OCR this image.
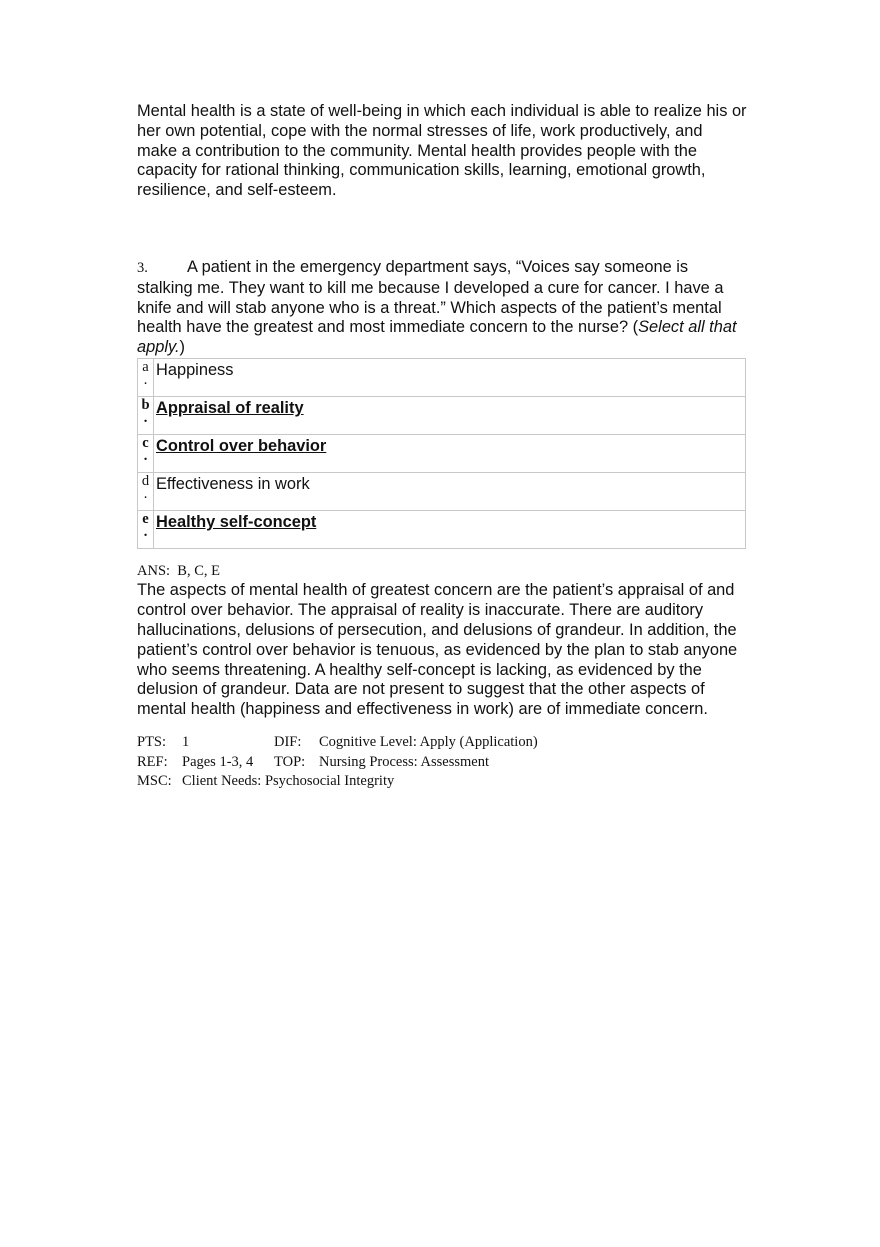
Mental health is a state of well-being in which each individual is able to realize his or her own potential, cope with the normal stresses of life, work productively, and make a contribution to the community. Mental health provides people with the capacity for rational thinking, communication skills, learning, emotional growth, resilience, and self-esteem.

3. A patient in the emergency department says, “Voices say someone is stalking me. They want to kill me because I developed a cure for cancer. I have a knife and will stab anyone who is a threat.” Which aspects of the patient’s mental health have the greatest and most immediate concern to the nurse? (Select all that apply.)

a
.	Happiness

b
.	Appraisal of reality

c
.	Control over behavior

d
.	Effectiveness in work

e
.	Healthy self-concept
ANS: B, C, E

The aspects of mental health of greatest concern are the patient’s appraisal of and control over behavior. The appraisal of reality is inaccurate. There are auditory hallucinations, delusions of persecution, and delusions of grandeur. In addition, the patient’s control over behavior is tenuous, as evidenced by the plan to stab anyone who seems threatening. A healthy self-concept is lacking, as evidenced by the delusion of grandeur. Data are not present to suggest that the other aspects of mental health (happiness and effectiveness in work) are of immediate concern.

PTS: 1	DIF: Cognitive Level: Apply (Application)
REF: Pages 1-3, 4 TOP: Nursing Process: Assessment
MSC: Client Needs: Psychosocial Integrity
